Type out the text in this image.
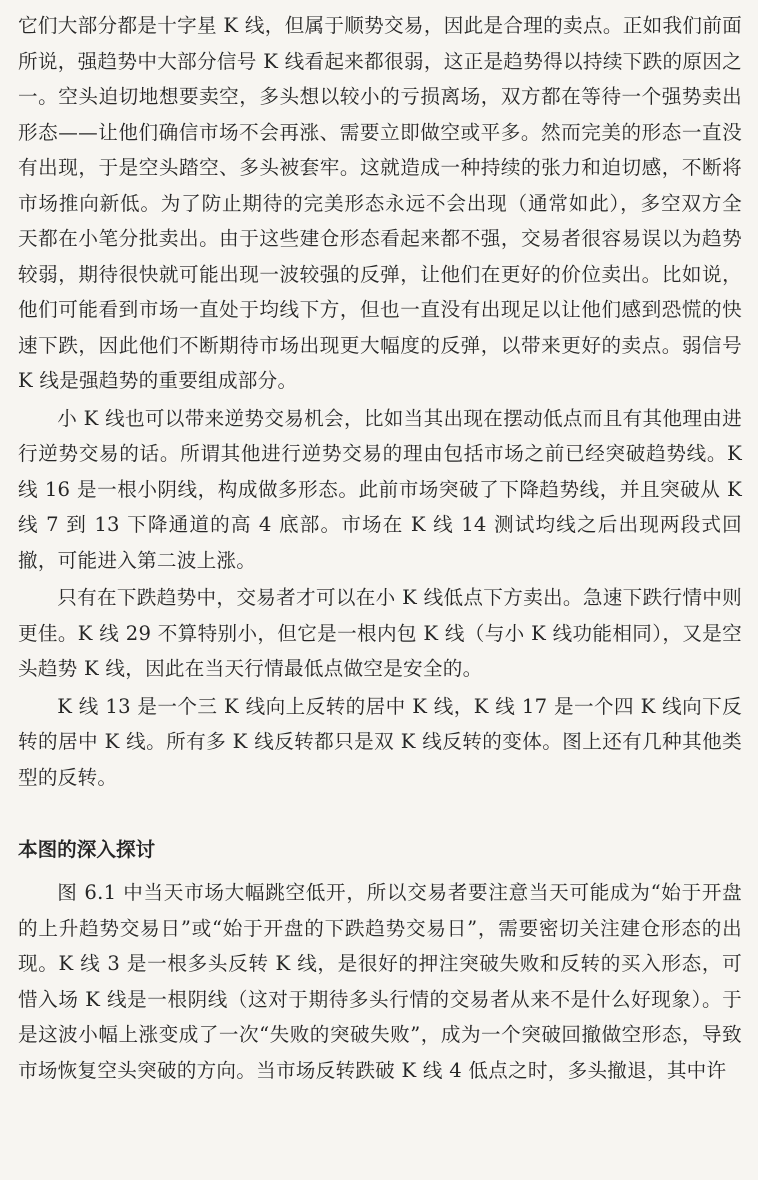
它们大部分都是十字星 K 线，但属于顺势交易，因此是合理的卖点。正如我们前面所说，强趋势中大部分信号 K 线看起来都很弱，这正是趋势得以持续下跌的原因之一。空头迫切地想要卖空，多头想以较小的亏损离场，双方都在等待一个强势卖出形态——让他们确信市场不会再涨、需要立即做空或平多。然而完美的形态一直没有出现，于是空头踏空、多头被套牢。这就造成一种持续的张力和迫切感，不断将市场推向新低。为了防止期待的完美形态永远不会出现（通常如此），多空双方全天都在小笔分批卖出。由于这些建仓形态看起来都不强，交易者很容易误以为趋势较弱，期待很快就可能出现一波较强的反弹，让他们在更好的价位卖出。比如说，他们可能看到市场一直处于均线下方，但也一直没有出现足以让他们感到恐慌的快速下跌，因此他们不断期待市场出现更大幅度的反弹，以带来更好的卖点。弱信号 K 线是强趋势的重要组成部分。

小 K 线也可以带来逆势交易机会，比如当其出现在摆动低点而且有其他理由进行逆势交易的话。所谓其他进行逆势交易的理由包括市场之前已经突破趋势线。K 线 16 是一根小阴线，构成做多形态。此前市场突破了下降趋势线，并且突破从 K 线 7 到 13 下降通道的高 4 底部。市场在 K 线 14 测试均线之后出现两段式回撤，可能进入第二波上涨。

只有在下跌趋势中，交易者才可以在小 K 线低点下方卖出。急速下跌行情中则更佳。K 线 29 不算特别小，但它是一根内包 K 线（与小 K 线功能相同），又是空头趋势 K 线，因此在当天行情最低点做空是安全的。

K 线 13 是一个三 K 线向上反转的居中 K 线，K 线 17 是一个四 K 线向下反转的居中 K 线。所有多 K 线反转都只是双 K 线反转的变体。图上还有几种其他类型的反转。

本图的深入探讨

图 6.1 中当天市场大幅跳空低开，所以交易者要注意当天可能成为“始于开盘的上升趋势交易日”或“始于开盘的下跌趋势交易日”，需要密切关注建仓形态的出现。K 线 3 是一根多头反转 K 线，是很好的押注突破失败和反转的买入形态，可惜入场 K 线是一根阴线（这对于期待多头行情的交易者从来不是什么好现象）。于是这波小幅上涨变成了一次“失败的突破失败”，成为一个突破回撤做空形态，导致市场恢复空头突破的方向。当市场反转跌破 K 线 4 低点之时，多头撤退，其中许
